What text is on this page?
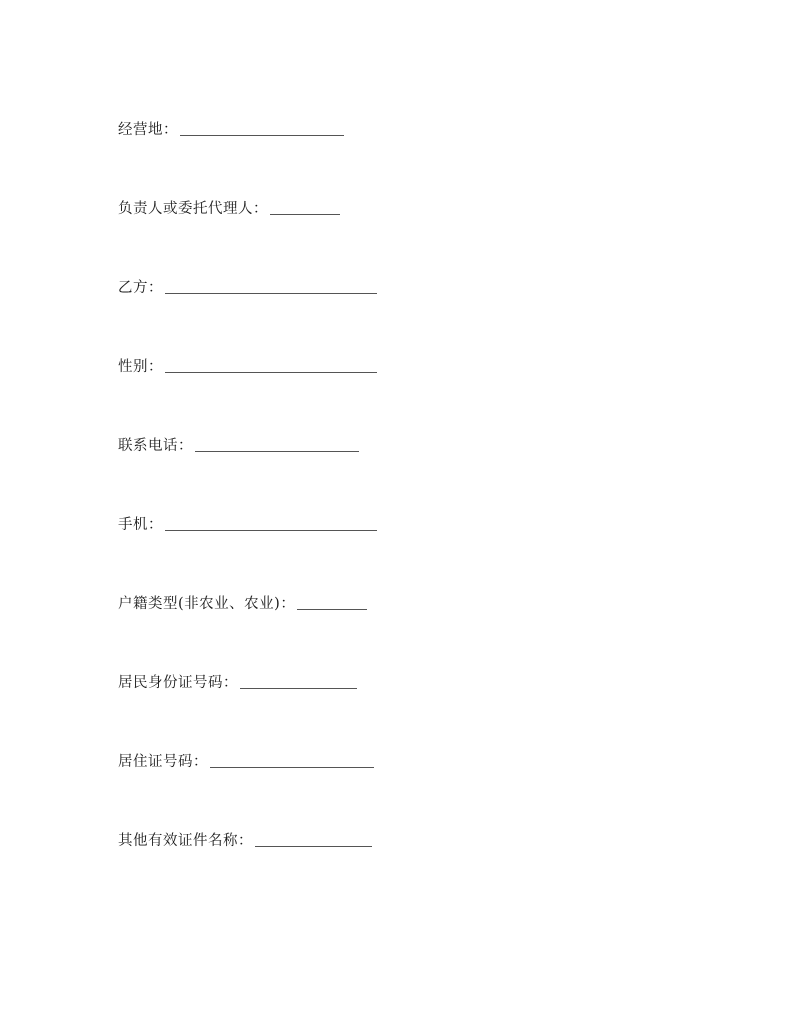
经营地：
负责人或委托代理人：
乙方：
性别：
联系电话：
手机：
户籍类型(非农业、农业)：
居民身份证号码：
居住证号码：
其他有效证件名称：
